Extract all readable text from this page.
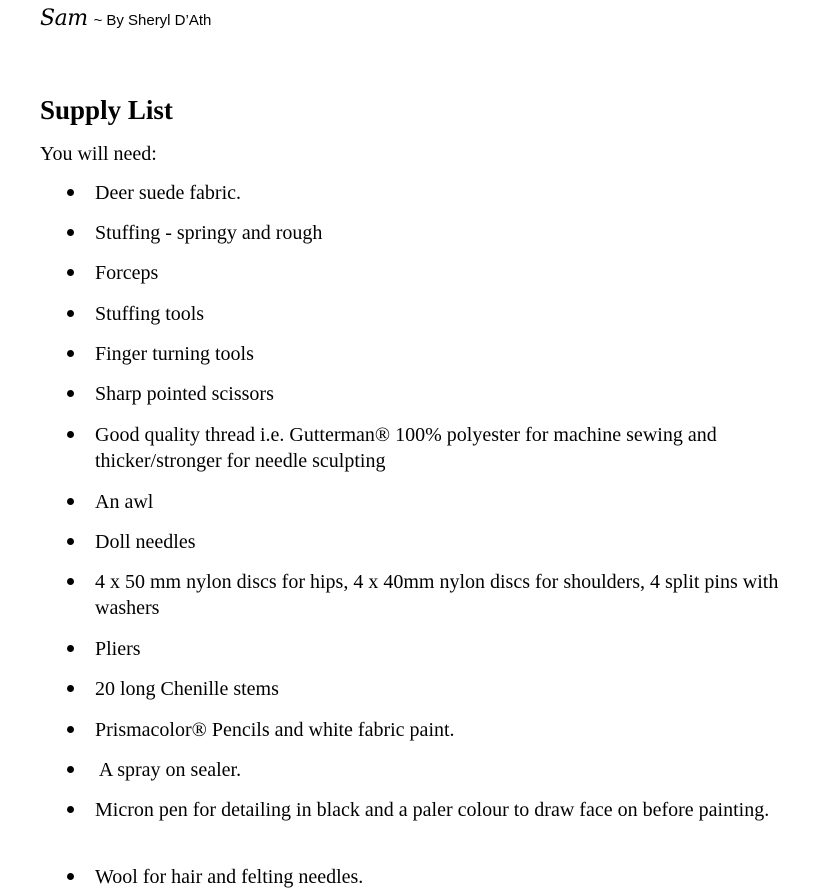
Sam ~ By Sheryl D’Ath
Supply List
You will need:
Deer suede fabric.
Stuffing - springy and rough
Forceps
Stuffing tools
Finger turning tools
Sharp pointed scissors
Good quality thread i.e. Gutterman® 100% polyester for machine sewing and thicker/stronger for needle sculpting
An awl
Doll needles
4 x 50 mm nylon discs for hips, 4 x 40mm nylon discs for shoulders, 4 split pins with washers
Pliers
20 long Chenille stems
Prismacolor® Pencils and white fabric paint.
A spray on sealer.
Micron pen for detailing in black and a paler colour to draw face on before painting.
Wool for hair and felting needles.
